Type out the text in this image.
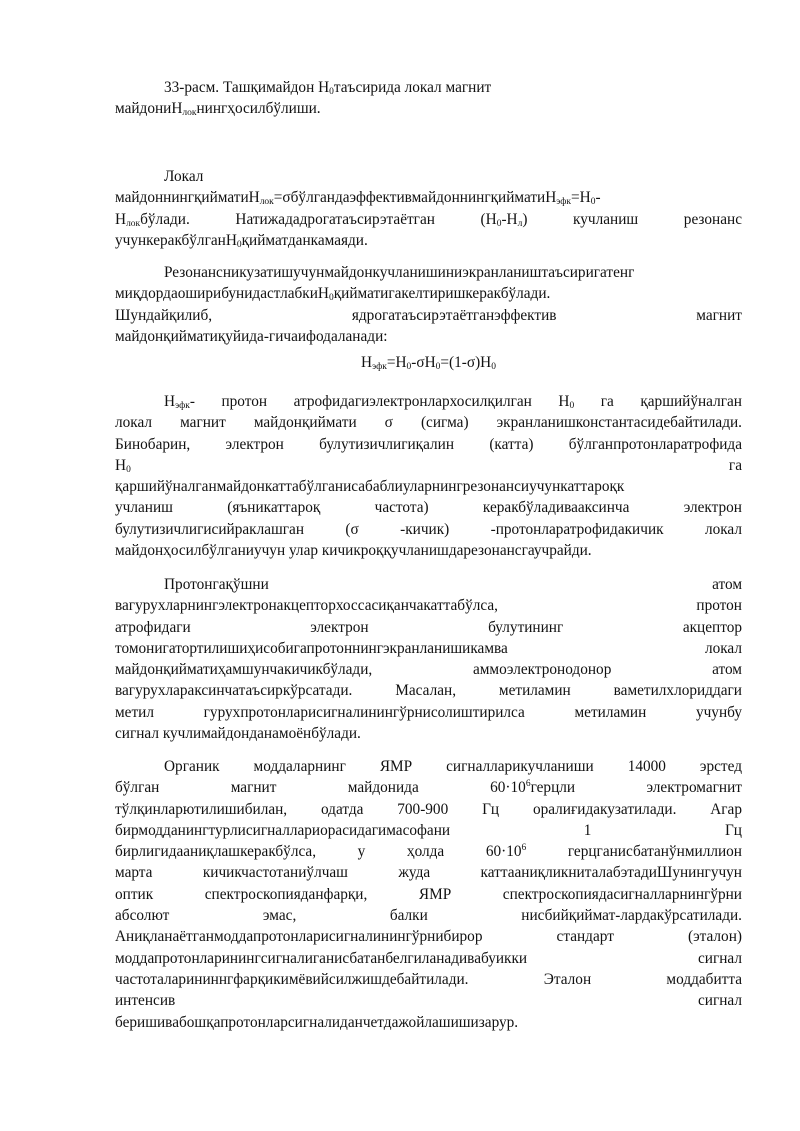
33-расм. Ташқимайдон $H_0таъсирида$ локал магнит

майдониH$_{лок}$нингҳосилбўлиши.

Локал

$майдоннингқийматиH_{лок}=\sigma бўлгандаэффективмайдоннингқийматиH_{эфк}=H_0-$

$H_{лок}бўлади$. Натижададрогатаъсирэтаётган $(H_0-H_л)$ кучланиш резонанс

учункеракбўлганH$_0$қийматданкамаяди.

Резонансникузатишучунмайдонкучланишиниэкранлаништаъсиригатенг

миқдордаоширибунидастлабкиH$_0$қийматигакелтиришкеракбўлади.

Шундайқилиб, ядрогатаъсирэтаётганэффектив магнит

майдонқийматиқуйида-гичаифодаланади:

$H_{эфк}=H_0-\sigma H_0=(1-\sigma)H_0$

$H_{эфк}-$ протон атрофидагиэлектронлархосилқилган $H_0$ га қаршийўналган

локал магнит майдонқиймати σ (сигма) экранланишконстантасидебайтилади.

Бинобарин, электрон булутизичлигиқалин (катта) бўлганпротонларатрофида

$H_0$ га

қаршийўналганмайдонкаттабўлганисабаблиуларнингрезонансиучункаттароқк

учланиш (яъникаттароқ частота) керакбўладивааксинча электрон

булутизичлигисийраклашган (σ -кичик) -протонларатрофидакичик локал

майдонҳосилбўлганиучун улар кичикроққучланишдарезонансгаучрайди.

Протонгақўшни атом

вагурухларнингэлектронакцепторхоссасиқанчакаттабўлса, протон

атрофидаги электрон булутининг акцептор

томонигатортилишиҳисобигапротоннингэкранланишикамва локал

майдонқийматиҳамшунчакичикбўлади, аммоэлектронодонор атом

вагурухлараксинчатаъсиркўрсатади. Масалан, метиламин ваметилхлориддаги

метил гурухпротонларисигналинингўрнисолиштирилса метиламин учунбу

сигнал кучлимайдонданамоёнбўлади.

Органик моддаларнинг ЯМР сигналларикучланиши 14000 эрстед

бўлган магнит майдонида $60\cdot 10^6герцли$ электромагнит

тўлқинларютилишибилан, одатда 700-900 Гц оралиғидакузатилади. Агар

бирмодданингтурлисигналлариорасидагимасофани 1 Гц

бирлигидааниқлашкеракбўлса, у ҳолда $60\cdot 10^6$ герцганисбатанўнмиллион

марта кичикчастотаниўлчаш жуда каттааниқликниталабэтадиШунингучун

оптик спектроскопияданфарқи, ЯМР спектроскопиядасигналларнингўрни

абсолют эмас, балки нисбийқиймат-лардакўрсатилади.

Аниқланаётганмоддапротонларисигналинингўрнибирор стандарт (эталон)

моддапротонларинингсигналиганисбатанбелгиланадивабуикки сигнал

частоталарининнгфарқикимёвийсилжишдебайтилади. Эталон моддабитта

интенсив сигнал

беришивабошқапротонларсигналиданчетдажойлашишизарур.
